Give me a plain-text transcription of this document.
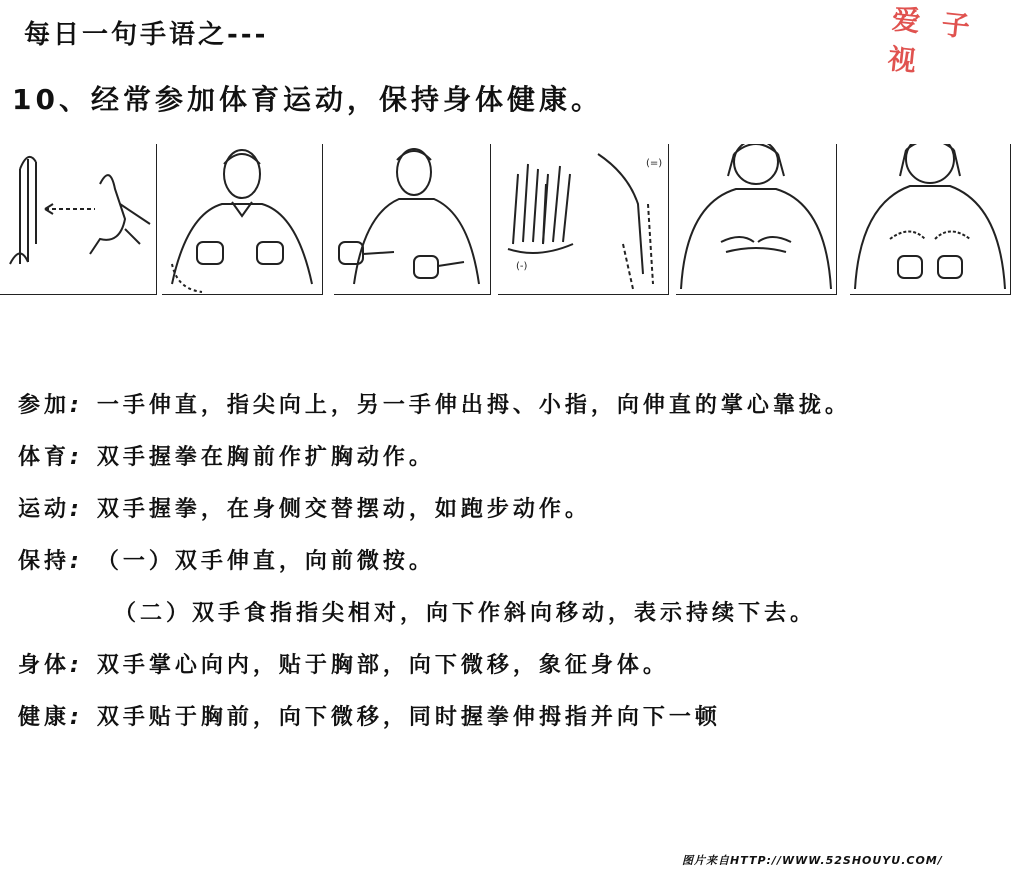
每日一句手语之---	爱 子 视
10、经常参加体育运动，保持身体健康。
(-)
(=)
参加: 一手伸直，指尖向上，另一手伸出拇、小指，向伸直的掌心靠拢。
体育: 双手握拳在胸前作扩胸动作。
运动: 双手握拳，在身侧交替摆动，如跑步动作。
保持: （一）双手伸直，向前微按。
（二）双手食指指尖相对，向下作斜向移动，表示持续下去。
身体: 双手掌心向内，贴于胸部，向下微移，象征身体。
健康: 双手贴于胸前，向下微移，同时握拳伸拇指并向下一顿
图片来自HTTP://WWW.52SHOUYU.COM/
